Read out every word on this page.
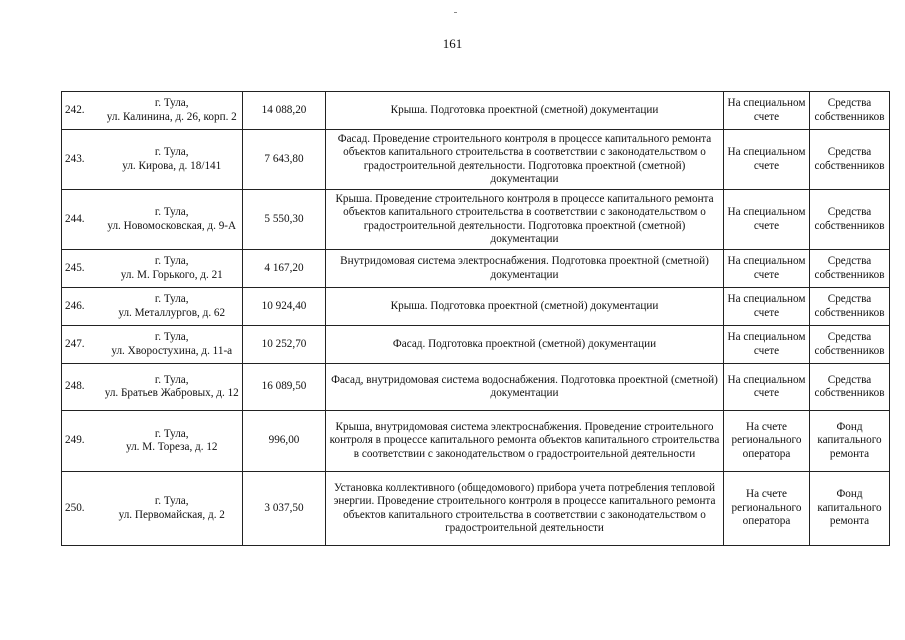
161
242.	г. Тула,
ул. Калинина, д. 26, корп. 2	14 088,20	Крыша. Подготовка проектной (сметной) документации	На специальном счете	Средства собственников
243.	г. Тула,
ул. Кирова, д. 18/141	7 643,80	Фасад. Проведение строительного контроля в процессе капитального ремонта объектов капитального строительства в соответствии с законодательством о градостроительной деятельности. Подготовка проектной (сметной) документации	На специальном счете	Средства собственников
244.	г. Тула,
ул. Новомосковская, д. 9-А	5 550,30	Крыша. Проведение строительного контроля в процессе капитального ремонта объектов капитального строительства в соответствии с законодательством о градостроительной деятельности. Подготовка проектной (сметной) документации	На специальном счете	Средства собственников
245.	г. Тула,
ул. М. Горького, д. 21	4 167,20	Внутридомовая система электроснабжения. Подготовка проектной (сметной) документации	На специальном счете	Средства собственников
246.	г. Тула,
ул. Металлургов, д. 62	10 924,40	Крыша. Подготовка проектной (сметной) документации	На специальном счете	Средства собственников
247.	г. Тула,
ул. Хворостухина, д. 11-а	10 252,70	Фасад. Подготовка проектной (сметной) документации	На специальном счете	Средства собственников
248.	г. Тула,
ул. Братьев Жабровых, д. 12	16 089,50	Фасад, внутридомовая система водоснабжения. Подготовка проектной (сметной) документации	На специальном счете	Средства собственников
249.	г. Тула,
ул. М. Тореза, д. 12	996,00	Крыша, внутридомовая система электроснабжения. Проведение строительного контроля в процессе капитального ремонта объектов капитального строительства в соответствии с законодательством о градостроительной деятельности	На счете регионального оператора	Фонд капитального ремонта
250.	г. Тула,
ул. Первомайская, д. 2	3 037,50	Установка коллективного (общедомового) прибора учета потребления тепловой энергии. Проведение строительного контроля в процессе капитального ремонта объектов капитального строительства в соответствии с законодательством о градостроительной деятельности	На счете регионального оператора	Фонд капитального ремонта
